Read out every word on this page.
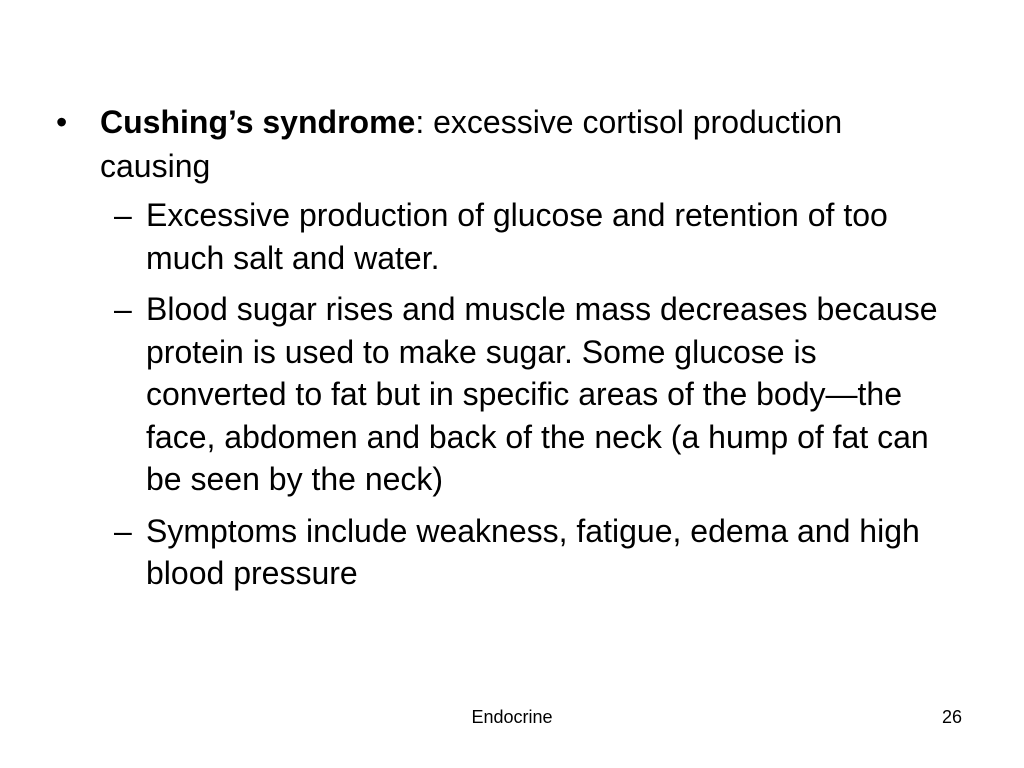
•	Cushing’s syndrome: excessive cortisol production causing
– Excessive production of glucose and retention of too much salt and water.
– Blood sugar rises and muscle mass decreases because protein is used to make sugar. Some glucose is converted to fat but in specific areas of the body—the face, abdomen and back of the neck (a hump of fat can be seen by the neck)
– Symptoms include weakness, fatigue, edema and high blood pressure
Endocrine	26
